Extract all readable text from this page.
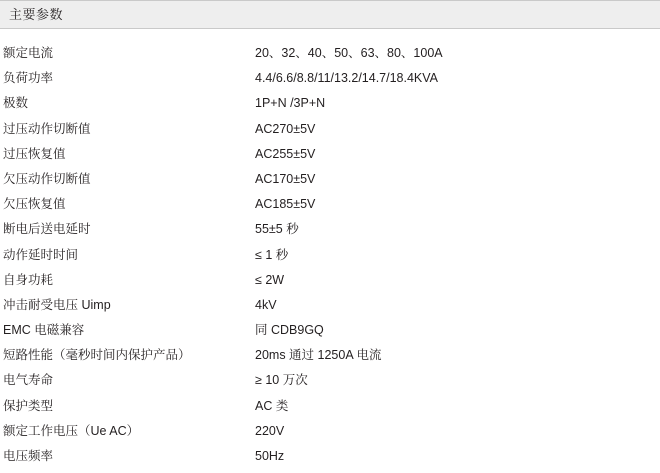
主要参数
额定电流	20、32、40、50、63、80、100A
负荷功率	4.4/6.6/8.8/11/13.2/14.7/18.4KVA
极数	1P+N /3P+N
过压动作切断值	AC270±5V
过压恢复值	AC255±5V
欠压动作切断值	AC170±5V
欠压恢复值	AC185±5V
断电后送电延时	55±5 秒
动作延时时间	≤ 1 秒
自身功耗	≤ 2W
冲击耐受电压 Uimp	4kV
EMC 电磁兼容	同 CDB9GQ
短路性能（毫秒时间内保护产品）	20ms 通过 1250A 电流
电气寿命	≥ 10 万次
保护类型	AC 类
额定工作电压（Ue AC）	220V
电压频率	50Hz
